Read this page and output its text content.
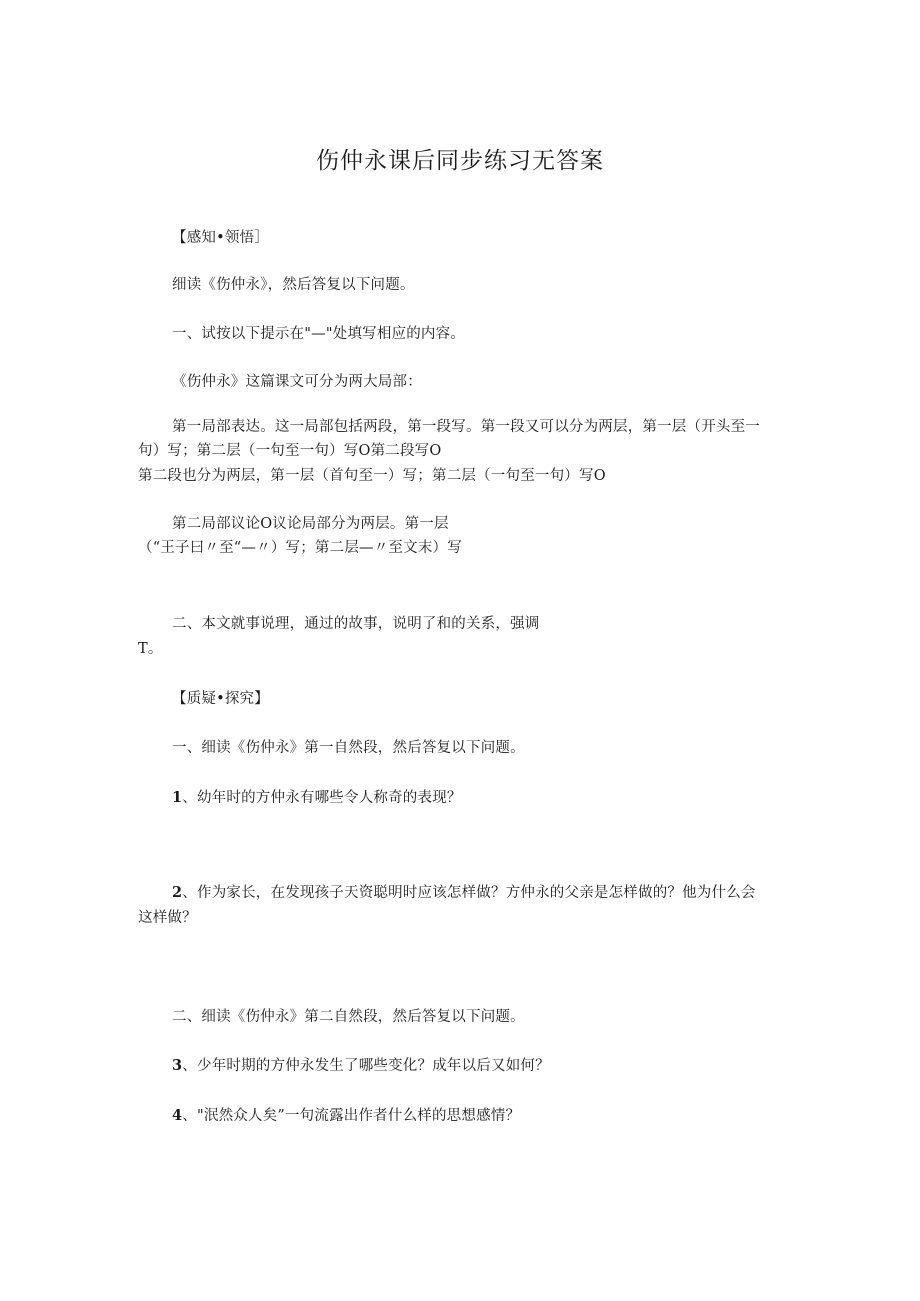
伤仲永课后同步练习无答案
【感知•领悟］
细读《伤仲永》，然后答复以下问题。
一、试按以下提示在"—"处填写相应的内容。
《伤仲永》这篇课文可分为两大局部：
第一局部表达。这一局部包括两段，第一段写。第一段又可以分为两层，第一层（开头至一
句）写；第二层（一句至一句）写O第二段写O
第二段也分为两层，第一层（首句至一）写；第二层（一句至一句）写O
第二局部议论O议论局部分为两层。第一层
（“王子曰〃至“—〃）写；第二层—〃至文末）写
二、本文就事说理，通过的故事，说明了和的关系，强调
T。
【质疑•探究】
一、细读《伤仲永》第一自然段，然后答复以下问题。
1、幼年时的方仲永有哪些令人称奇的表现？
2、作为家长，在发现孩子天资聪明时应该怎样做？方仲永的父亲是怎样做的？他为什么会
这样做？
二、细读《伤仲永》第二自然段，然后答复以下问题。
3、少年时期的方仲永发生了哪些变化？成年以后又如何？
4、"泯然众人矣”一句流露出作者什么样的思想感情？
